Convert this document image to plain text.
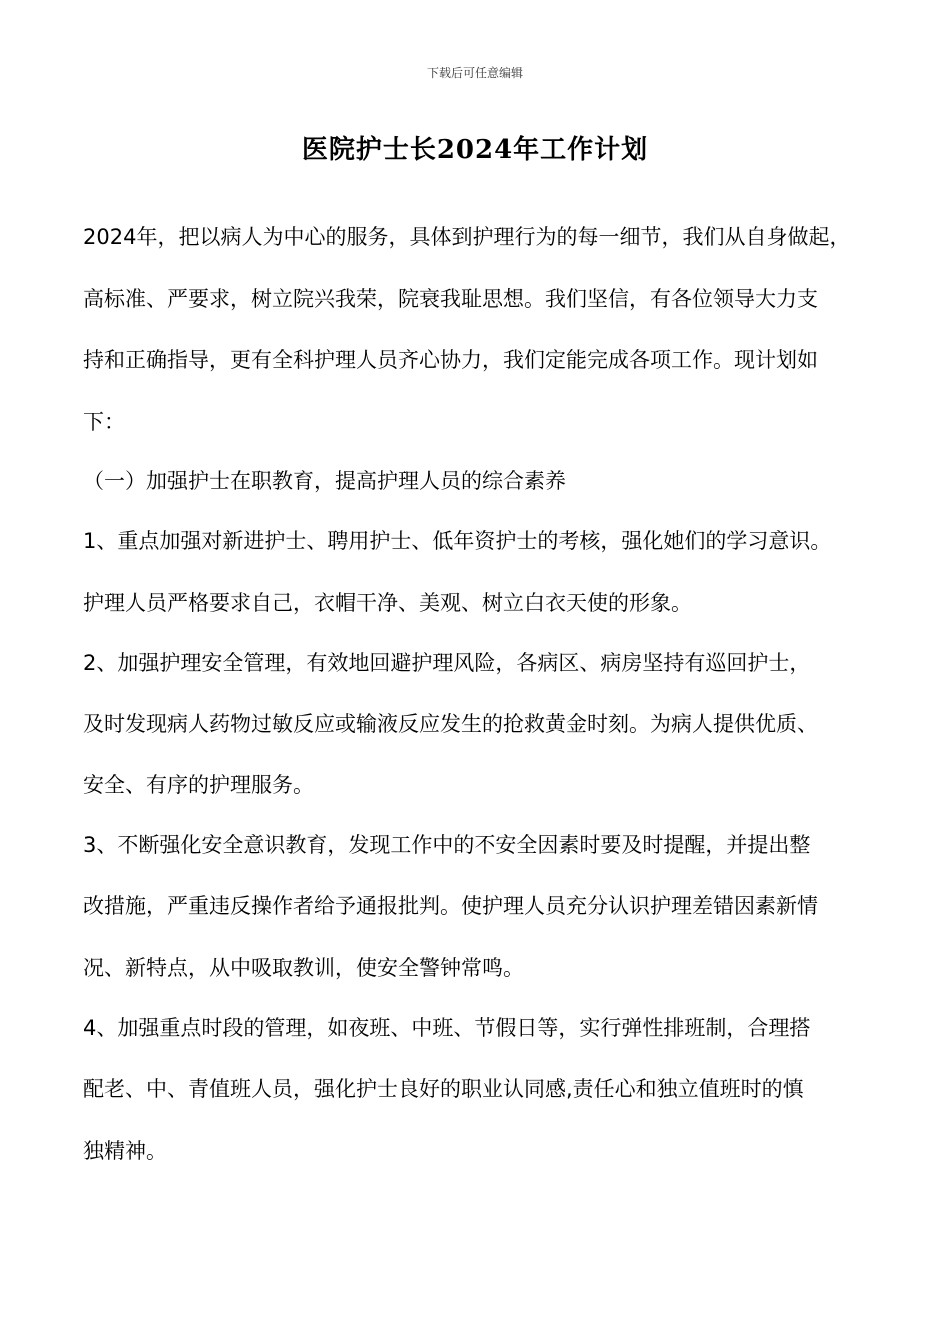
下载后可任意编辑
医院护士长2024年工作计划
2024年，把以病人为中心的服务，具体到护理行为的每一细节，我们从自身做起，
高标准、严要求，树立院兴我荣，院衰我耻思想。我们坚信，有各位领导大力支
持和正确指导，更有全科护理人员齐心协力，我们定能完成各项工作。现计划如
下：
（一）加强护士在职教育，提高护理人员的综合素养
1、重点加强对新进护士、聘用护士、低年资护士的考核，强化她们的学习意识。
护理人员严格要求自己，衣帽干净、美观、树立白衣天使的形象。
2、加强护理安全管理，有效地回避护理风险，各病区、病房坚持有巡回护士，
及时发现病人药物过敏反应或输液反应发生的抢救黄金时刻。为病人提供优质、
安全、有序的护理服务。
3、不断强化安全意识教育，发现工作中的不安全因素时要及时提醒，并提出整
改措施，严重违反操作者给予通报批判。使护理人员充分认识护理差错因素新情
况、新特点，从中吸取教训，使安全警钟常鸣。
4、加强重点时段的管理，如夜班、中班、节假日等，实行弹性排班制，合理搭
配老、中、青值班人员，强化护士良好的职业认同感,责任心和独立值班时的慎
独精神。
